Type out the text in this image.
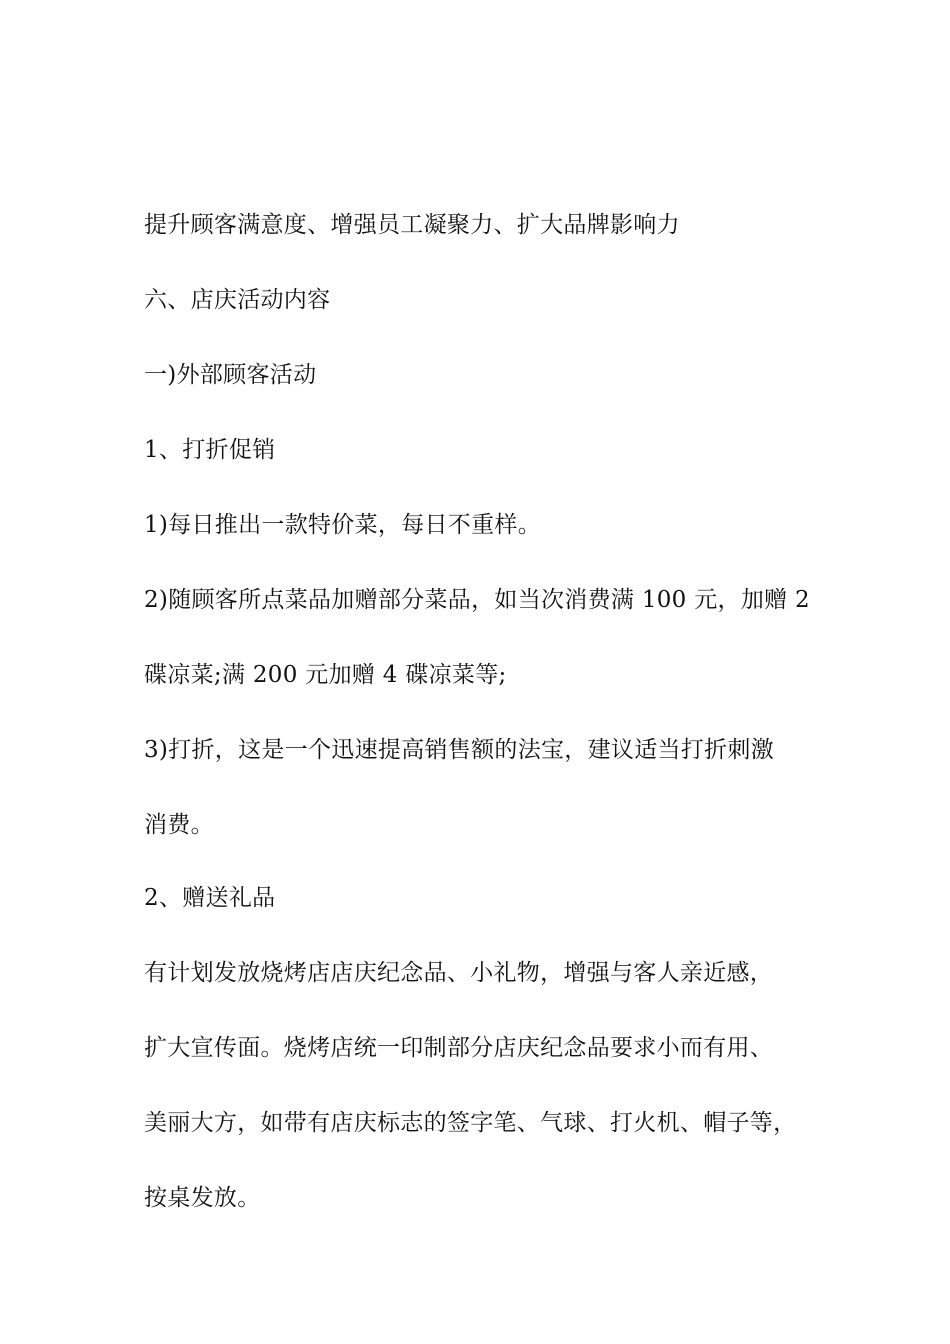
提升顾客满意度、增强员工凝聚力、扩大品牌影响力
六、店庆活动内容
一)外部顾客活动
1、打折促销
1)每日推出一款特价菜，每日不重样。
2)随顾客所点菜品加赠部分菜品，如当次消费满 100 元，加赠 2
碟凉菜;满 200 元加赠 4 碟凉菜等;
3)打折，这是一个迅速提高销售额的法宝，建议适当打折刺激
消费。
2、赠送礼品
有计划发放烧烤店店庆纪念品、小礼物，增强与客人亲近感，
扩大宣传面。烧烤店统一印制部分店庆纪念品要求小而有用、
美丽大方，如带有店庆标志的签字笔、气球、打火机、帽子等，
按桌发放。
